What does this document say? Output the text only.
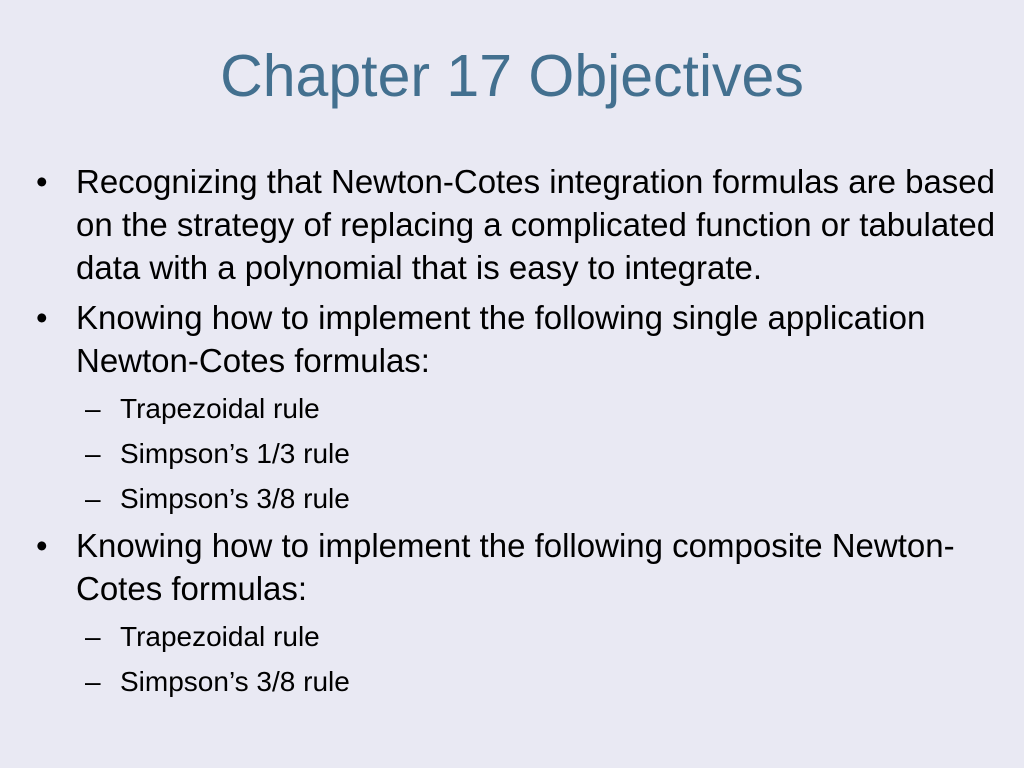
Chapter 17 Objectives
• Recognizing that Newton-Cotes integration formulas are based on the strategy of replacing a complicated function or tabulated data with a polynomial that is easy to integrate.
• Knowing how to implement the following single application Newton-Cotes formulas:
– Trapezoidal rule
– Simpson’s 1/3 rule
– Simpson’s 3/8 rule
• Knowing how to implement the following composite Newton-Cotes formulas:
– Trapezoidal rule
– Simpson’s 3/8 rule
